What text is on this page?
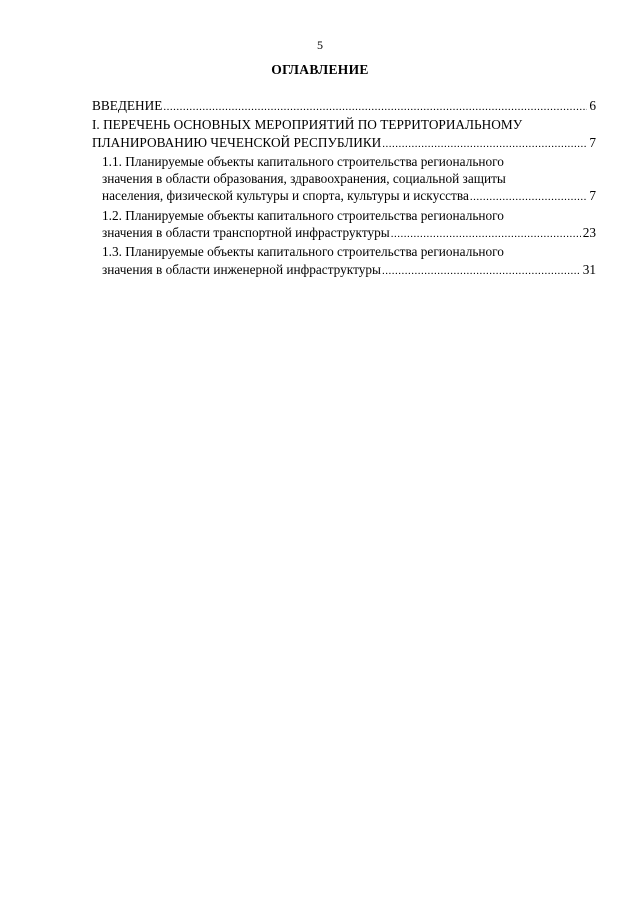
5
ОГЛАВЛЕНИЕ
ВВЕДЕНИЕ .....	6
I. ПЕРЕЧЕНЬ ОСНОВНЫХ МЕРОПРИЯТИЙ ПО ТЕРРИТОРИАЛЬНОМУ
ПЛАНИРОВАНИЮ ЧЕЧЕНСКОЙ РЕСПУБЛИКИ .....	7
1.1. Планируемые объекты капитального строительства регионального
значения в области образования, здравоохранения, социальной защиты
населения, физической культуры и спорта, культуры и искусства .....	7
1.2. Планируемые объекты капитального строительства регионального
значения в области транспортной инфраструктуры .....	23
1.3. Планируемые объекты капитального строительства регионального
значения в области инженерной инфраструктуры .....	31
